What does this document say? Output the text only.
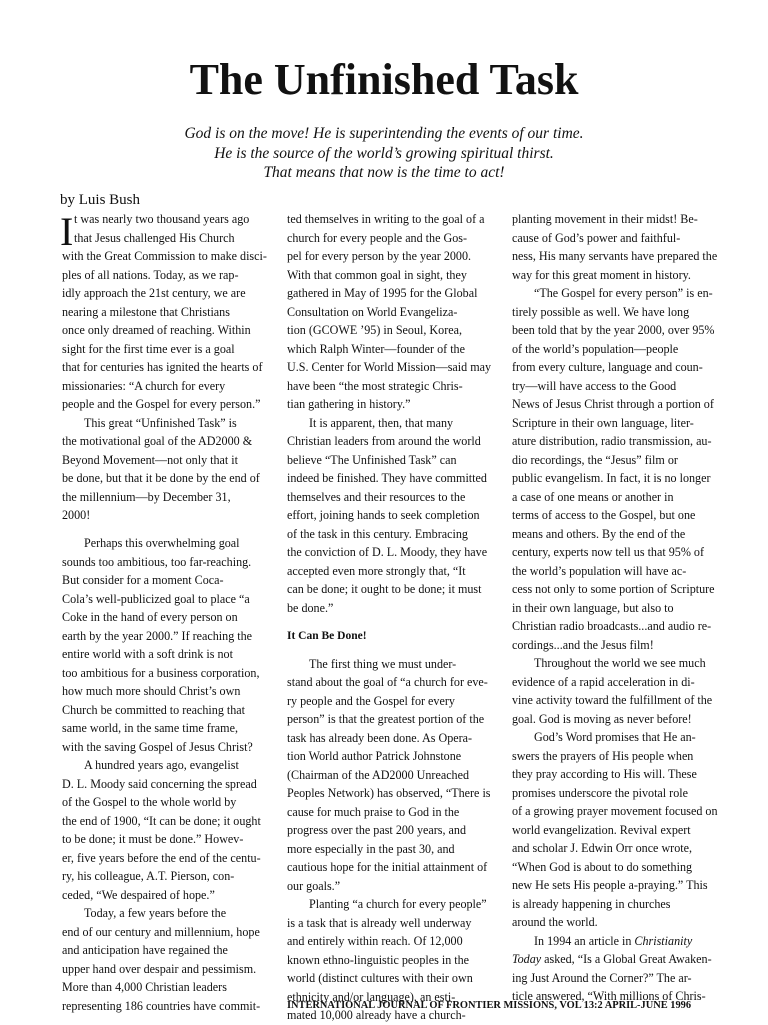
The Unfinished Task
God is on the move! He is superintending the events of our time.
He is the source of the world’s growing spiritual thirst.
That means that now is the time to act!
by Luis Bush
I t was nearly two thousand years ago
that Jesus challenged His Church
with the Great Commission to make disci-
ples of all nations. Today, as we rap-
idly approach the 21st century, we are
nearing a milestone that Christians
once only dreamed of reaching. Within
sight for the first time ever is a goal
that for centuries has ignited the hearts of
missionaries: “A church for every
people and the Gospel for every person.”
This great “Unfinished Task” is
the motivational goal of the AD2000 &
Beyond Movement—not only that it
be done, but that it be done by the end of
the millennium—by December 31,
2000!
Perhaps this overwhelming goal
sounds too ambitious, too far-reaching.
But consider for a moment Coca-
Cola’s well-publicized goal to place “a
Coke in the hand of every person on
earth by the year 2000.” If reaching the
entire world with a soft drink is not
too ambitious for a business corporation,
how much more should Christ’s own
Church be committed to reaching that
same world, in the same time frame,
with the saving Gospel of Jesus Christ?
A hundred years ago, evangelist
D. L. Moody said concerning the spread
of the Gospel to the whole world by
the end of 1900, “It can be done; it ought
to be done; it must be done.” Howev-
er, five years before the end of the centu-
ry, his colleague, A.T. Pierson, con-
ceded, “We despaired of hope.”
Today, a few years before the
end of our century and millennium, hope
and anticipation have regained the
upper hand over despair and pessimism.
More than 4,000 Christian leaders
representing 186 countries have commit-
ted themselves in writing to the goal of a
church for every people and the Gos-
pel for every person by the year 2000.
With that common goal in sight, they
gathered in May of 1995 for the Global
Consultation on World Evangeliza-
tion (GCOWE ’95) in Seoul, Korea,
which Ralph Winter—founder of the
U.S. Center for World Mission—said may
have been “the most strategic Chris-
tian gathering in history.”
It is apparent, then, that many
Christian leaders from around the world
believe “The Unfinished Task” can
indeed be finished. They have committed
themselves and their resources to the
effort, joining hands to seek completion
of the task in this century. Embracing
the conviction of D. L. Moody, they have
accepted even more strongly that, “It
can be done; it ought to be done; it must
be done.”
It Can Be Done!
The first thing we must under-
stand about the goal of “a church for eve-
ry people and the Gospel for every
person” is that the greatest portion of the
task has already been done. As Opera-
tion World author Patrick Johnstone
(Chairman of the AD2000 Unreached
Peoples Network) has observed, “There is
cause for much praise to God in the
progress over the past 200 years, and
more especially in the past 30, and
cautious hope for the initial attainment of
our goals.”
Planting “a church for every people”
is a task that is already well underway
and entirely within reach. Of 12,000
known ethno-linguistic peoples in the
world (distinct cultures with their own
ethnicity and/or language), an esti-
mated 10,000 already have a church-
planting movement in their midst! Be-
cause of God’s power and faithful-
ness, His many servants have prepared the
way for this great moment in history.
“The Gospel for every person” is en-
tirely possible as well. We have long
been told that by the year 2000, over 95%
of the world’s population—people
from every culture, language and coun-
try—will have access to the Good
News of Jesus Christ through a portion of
Scripture in their own language, liter-
ature distribution, radio transmission, au-
dio recordings, the “Jesus” film or
public evangelism. In fact, it is no longer
a case of one means or another in
terms of access to the Gospel, but one
means and others. By the end of the
century, experts now tell us that 95% of
the world’s population will have ac-
cess not only to some portion of Scripture
in their own language, but also to
Christian radio broadcasts...and audio re-
cordings...and the Jesus film!
Throughout the world we see much
evidence of a rapid acceleration in di-
vine activity toward the fulfillment of the
goal. God is moving as never before!
God’s Word promises that He an-
swers the prayers of His people when
they pray according to His will. These
promises underscore the pivotal role
of a growing prayer movement focused on
world evangelization. Revival expert
and scholar J. Edwin Orr once wrote,
“When God is about to do something
new He sets His people a-praying.” This
is already happening in churches
around the world.
In 1994 an article in Christianity
Today asked, “Is a Global Great Awaken-
ing Just Around the Corner?” The ar-
ticle answered, “With millions of Chris-
INTERNATIONAL JOURNAL OF FRONTIER MISSIONS, VOL 13:2 APRIL-JUNE 1996
